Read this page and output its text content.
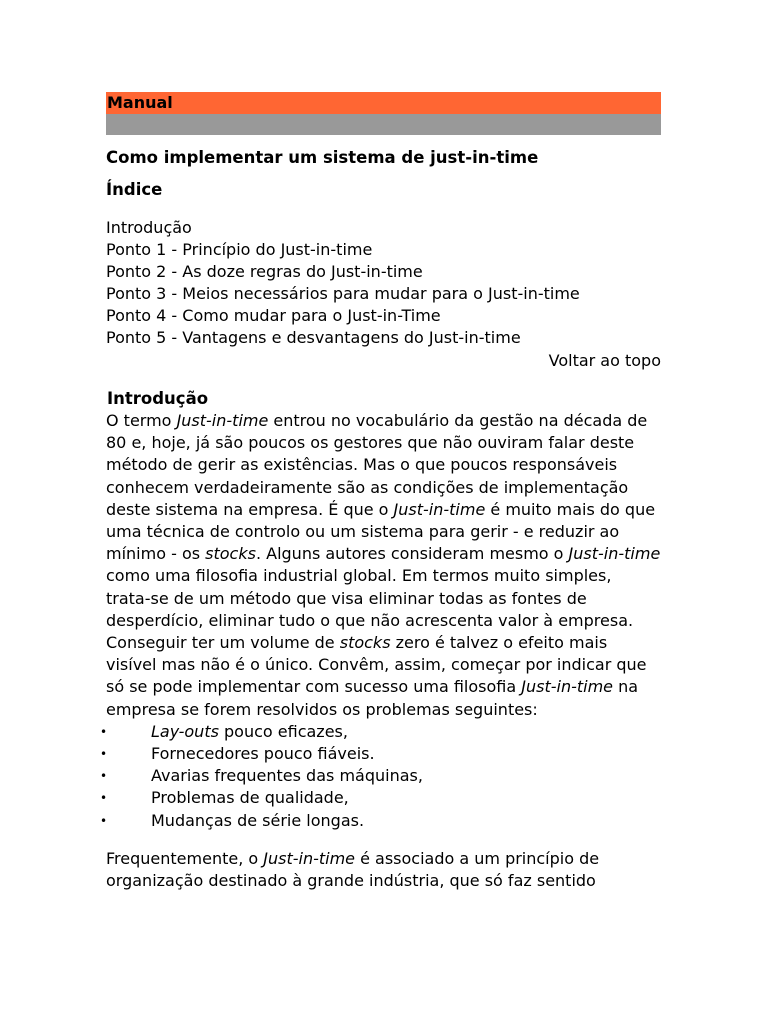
Manual
Como implementar um sistema de just-in-time
Índice
Introdução
Ponto 1 - Princípio do Just-in-time
Ponto 2 - As doze regras do Just-in-time
Ponto 3 - Meios necessários para mudar para o Just-in-time
Ponto 4 - Como mudar para o Just-in-Time
Ponto 5 - Vantagens e desvantagens do Just-in-time
Voltar ao topo
Introdução

O termo Just-in-time entrou no vocabulário da gestão na década de 80 e, hoje, já são poucos os gestores que não ouviram falar deste método de gerir as existências. Mas o que poucos responsáveis conhecem verdadeiramente são as condições de implementação deste sistema na empresa. É que o Just-in-time é muito mais do que uma técnica de controlo ou um sistema para gerir - e reduzir ao mínimo - os stocks. Alguns autores consideram mesmo o Just-in-time como uma filosofia industrial global. Em termos muito simples, trata-se de um método que visa eliminar todas as fontes de desperdício, eliminar tudo o que não acrescenta valor à empresa. Conseguir ter um volume de stocks zero é talvez o efeito mais visível mas não é o único. Convêm, assim, começar por indicar que só se pode implementar com sucesso uma filosofia Just-in-time na empresa se forem resolvidos os problemas seguintes:

•	Lay-outs pouco eficazes,
•	Fornecedores pouco fiáveis.
•	Avarias frequentes das máquinas,
•	Problemas de qualidade,
•	Mudanças de série longas.

Frequentemente, o Just-in-time é associado a um princípio de organização destinado à grande indústria, que só faz sentido
